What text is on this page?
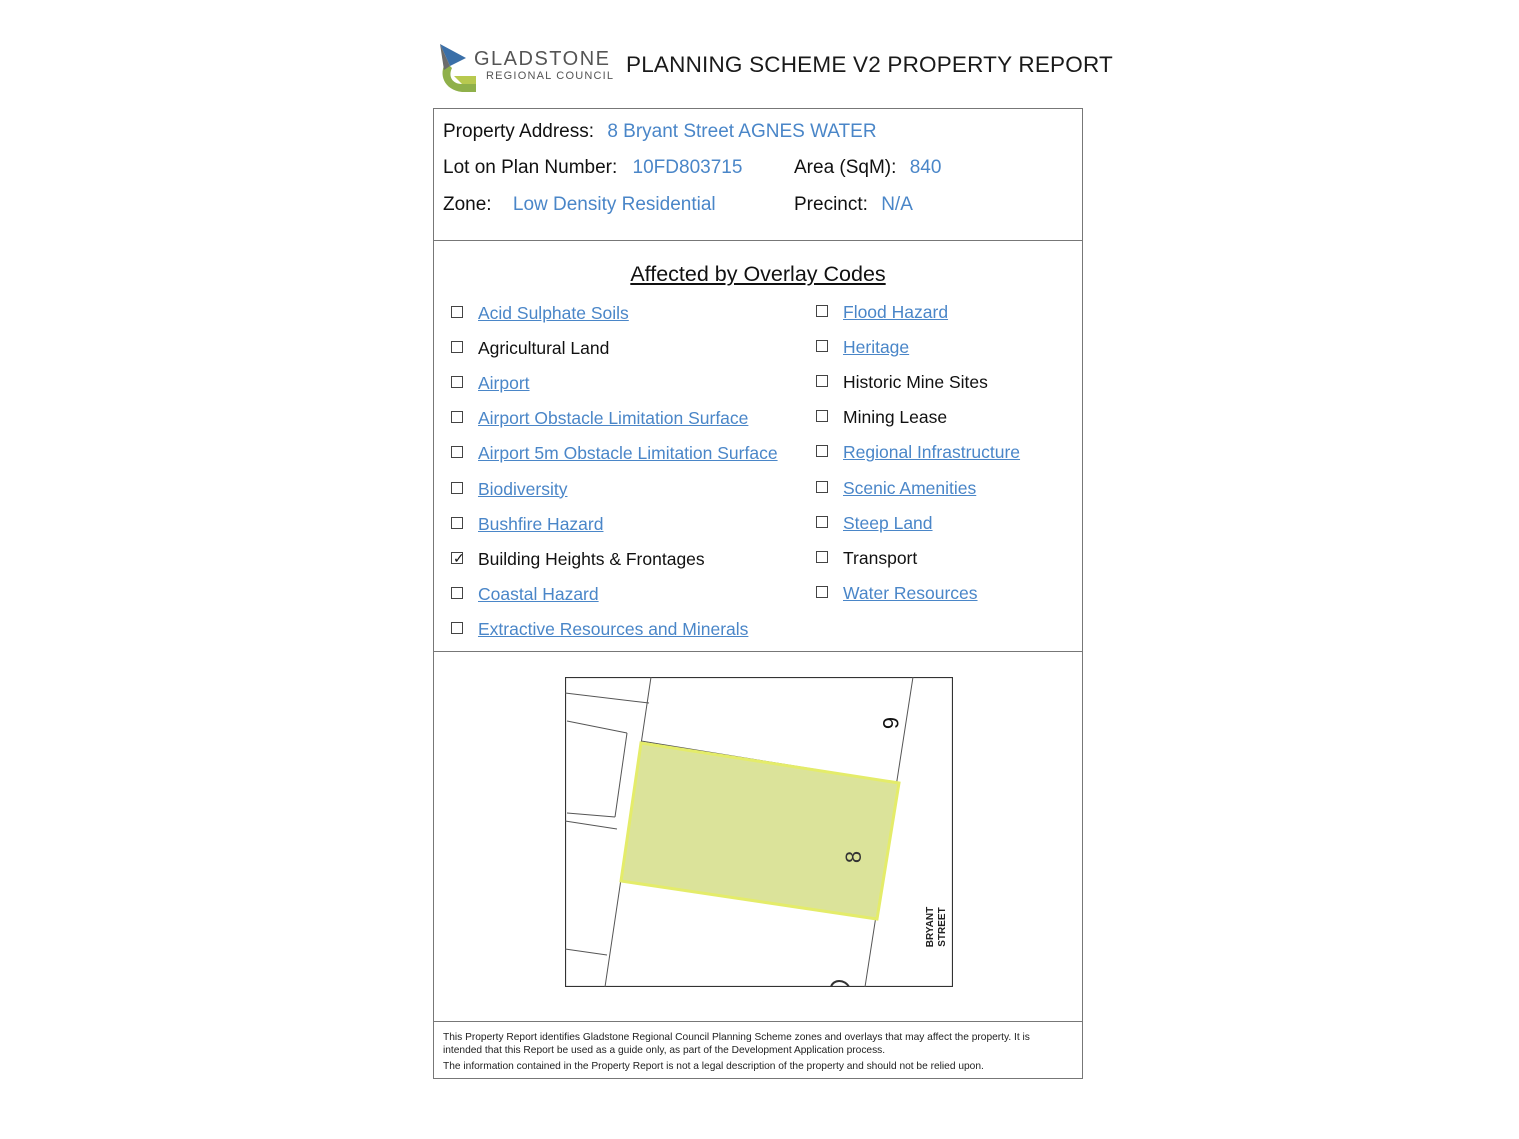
GLADSTONE
REGIONAL COUNCIL PLANNING SCHEME V2 PROPERTY REPORT
Property Address: 8 Bryant Street AGNES WATER
Lot on Plan Number: 10FD803715	Area (SqM): 840
Zone: Low Density Residential	Precinct: N/A
Affected by Overlay Codes
Acid Sulphate Soils
Agricultural Land
Airport
Airport Obstacle Limitation Surface
Airport 5m Obstacle Limitation Surface
Biodiversity
Bushfire Hazard
✓ Building Heights & Frontages
Coastal Hazard
Extractive Resources and Minerals
Flood Hazard
Heritage
Historic Mine Sites
Mining Lease
Regional Infrastructure
Scenic Amenities
Steep Land
Transport
Water Resources
6
8
BRYANT STREET
This Property Report identifies Gladstone Regional Council Planning Scheme zones and overlays that may affect the property. It is
intended that this Report be used as a guide only, as part of the Development Application process.
The information contained in the Property Report is not a legal description of the property and should not be relied upon.
